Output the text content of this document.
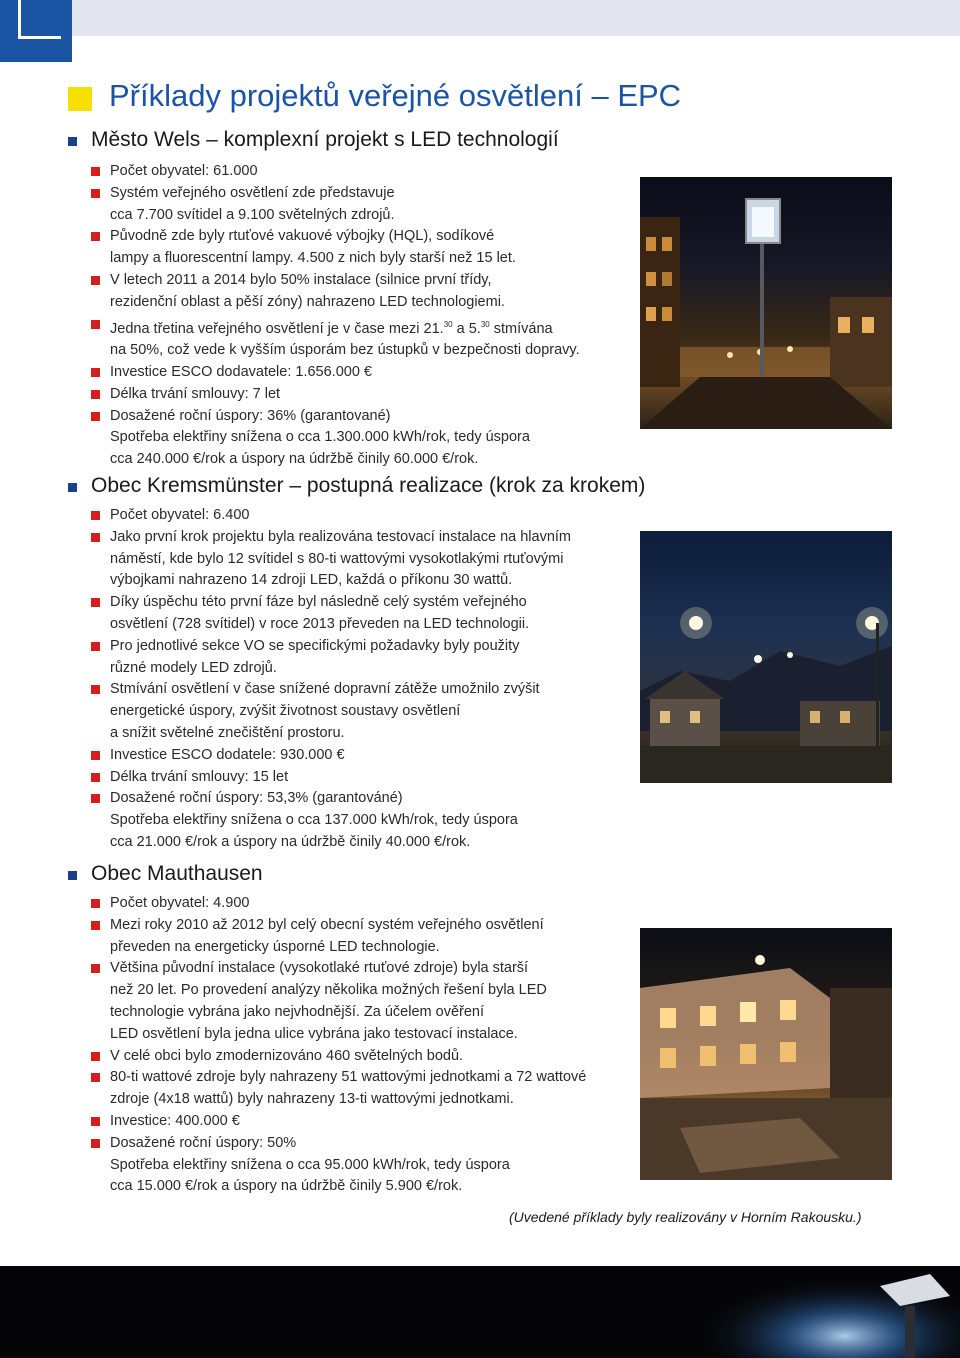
Příklady projektů veřejné osvětlení – EPC
Město Wels – komplexní projekt s LED technologií
Počet obyvatel: 61.000
Systém veřejného osvětlení zde představuje
cca 7.700 svítidel a 9.100 světelných zdrojů.
Původně zde byly rtuťové vakuové výbojky (HQL), sodíkové
lampy a fluorescentní lampy. 4.500 z nich byly starší než 15 let.
V letech 2011 a 2014 bylo 50% instalace (silnice první třídy,
rezidenční oblast a pěší zóny) nahrazeno LED technologiemi.
Jedna třetina veřejného osvětlení je v čase mezi 21.30 a 5.30 stmívána
na 50%, což vede k vyšším úsporám bez ústupků v bezpečnosti dopravy.
Investice ESCO dodavatele: 1.656.000 €
Délka trvání smlouvy: 7 let
Dosažené roční úspory: 36% (garantované)
Spotřeba elektřiny snížena o cca 1.300.000 kWh/rok, tedy úspora
cca 240.000 €/rok a úspory na údržbě činily 60.000 €/rok.
Obec Kremsmünster – postupná realizace (krok za krokem)
Počet obyvatel: 6.400
Jako první krok projektu byla realizována testovací instalace na hlavním
náměstí, kde bylo 12 svítidel s 80-ti wattovými vysokotlakými rtuťovými
výbojkami nahrazeno 14 zdroji LED, každá o příkonu 30 wattů.
Díky úspěchu této první fáze byl následně celý systém veřejného
osvětlení (728 svítidel) v roce 2013 převeden na LED technologii.
Pro jednotlivé sekce VO se specifickými požadavky byly použity
různé modely LED zdrojů.
Stmívání osvětlení v čase snížené dopravní zátěže umožnilo zvýšit
energetické úspory, zvýšit životnost soustavy osvětlení
a snížit světelné znečištění prostoru.
Investice ESCO dodatele: 930.000 €
Délka trvání smlouvy: 15 let
Dosažené roční úspory: 53,3% (garantováné)
Spotřeba elektřiny snížena o cca 137.000 kWh/rok, tedy úspora
cca 21.000 €/rok a úspory na údržbě činily 40.000 €/rok.
Obec Mauthausen
Počet obyvatel: 4.900
Mezi roky 2010 až 2012 byl celý obecní systém veřejného osvětlení
převeden na energeticky úsporné LED technologie.
Většina původní instalace (vysokotlaké rtuťové zdroje) byla starší
než 20 let. Po provedení analýzy několika možných řešení byla LED
technologie vybrána jako nejvhodnější. Za účelem ověření
LED osvětlení byla jedna ulice vybrána jako testovací instalace.
V celé obci bylo zmodernizováno 460 světelných bodů.
80-ti wattové zdroje byly nahrazeny 51 wattovými jednotkami a 72 wattové
zdroje (4x18 wattů) byly nahrazeny 13-ti wattovými jednotkami.
Investice: 400.000 €
Dosažené roční úspory: 50%
Spotřeba elektřiny snížena o cca 95.000 kWh/rok, tedy úspora
cca 15.000 €/rok a úspory na údržbě činily 5.900 €/rok.
(Uvedené příklady byly realizovány v Horním Rakousku.)
